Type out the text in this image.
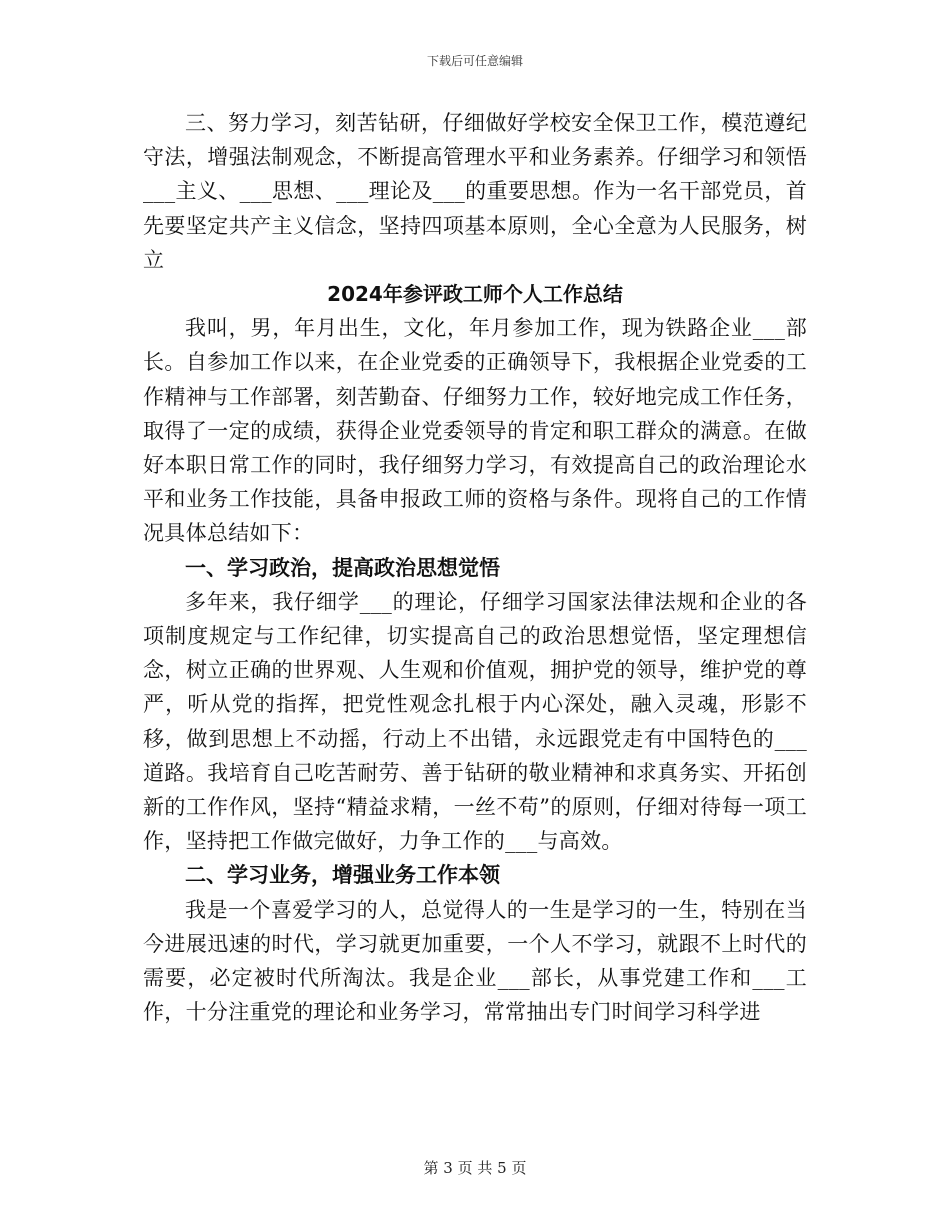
下载后可任意编辑

三、努力学习，刻苦钻研，仔细做好学校安全保卫工作，模范遵纪守法，增强法制观念，不断提高管理水平和业务素养。仔细学习和领悟___主义、___思想、___理论及___的重要思想。作为一名干部党员，首先要坚定共产主义信念，坚持四项基本原则，全心全意为人民服务，树立

2024年参评政工师个人工作总结

我叫，男，年月出生，文化，年月参加工作，现为铁路企业___部长。自参加工作以来，在企业党委的正确领导下，我根据企业党委的工作精神与工作部署，刻苦勤奋、仔细努力工作，较好地完成工作任务，取得了一定的成绩，获得企业党委领导的肯定和职工群众的满意。在做好本职日常工作的同时，我仔细努力学习，有效提高自己的政治理论水平和业务工作技能，具备申报政工师的资格与条件。现将自己的工作情况具体总结如下：

一、学习政治，提高政治思想觉悟

多年来，我仔细学___的理论，仔细学习国家法律法规和企业的各项制度规定与工作纪律，切实提高自己的政治思想觉悟，坚定理想信念，树立正确的世界观、人生观和价值观，拥护党的领导，维护党的尊严，听从党的指挥，把党性观念扎根于内心深处，融入灵魂，形影不移，做到思想上不动摇，行动上不出错，永远跟党走有中国特色的___道路。我培育自己吃苦耐劳、善于钻研的敬业精神和求真务实、开拓创新的工作作风，坚持“精益求精，一丝不苟”的原则，仔细对待每一项工作，坚持把工作做完做好，力争工作的___与高效。

二、学习业务，增强业务工作本领

我是一个喜爱学习的人，总觉得人的一生是学习的一生，特别在当今进展迅速的时代，学习就更加重要，一个人不学习，就跟不上时代的需要，必定被时代所淘汰。我是企业___部长，从事党建工作和___工作，十分注重党的理论和业务学习，常常抽出专门时间学习科学进

第 3 页 共 5 页
